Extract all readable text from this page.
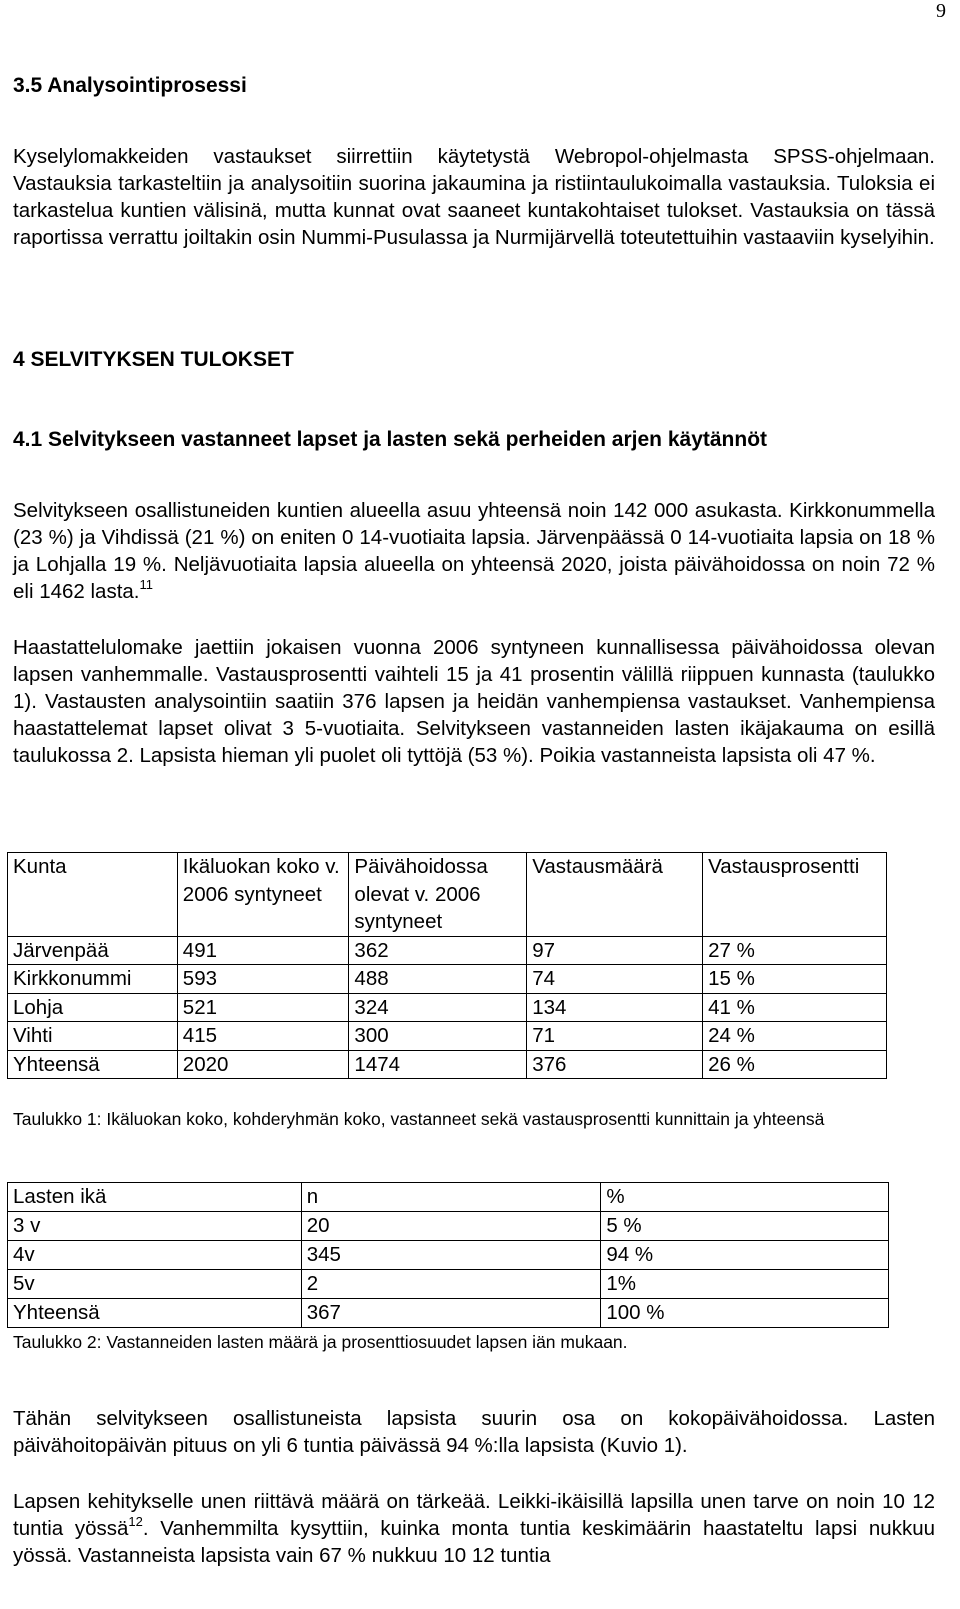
9
3.5 Analysointiprosessi
Kyselylomakkeiden vastaukset siirrettiin käytetystä Webropol-ohjelmasta SPSS-ohjelmaan. Vastauksia tarkasteltiin ja analysoitiin suorina jakaumina ja ristiintaulukoimalla vastauksia. Tuloksia ei tarkastelua kuntien välisinä, mutta kunnat ovat saaneet kuntakohtaiset tulokset. Vastauksia on tässä raportissa verrattu joiltakin osin Nummi-Pusulassa ja Nurmijärvellä toteutettuihin vastaaviin kyselyihin.
4 SELVITYKSEN TULOKSET
4.1 Selvitykseen vastanneet lapset ja lasten sekä perheiden arjen käytännöt
Selvitykseen osallistuneiden kuntien alueella asuu yhteensä noin 142 000 asukasta. Kirkkonummella (23 %) ja Vihdissä (21 %) on eniten 0 14-vuotiaita lapsia. Järvenpäässä 0 14-vuotiaita lapsia on 18 % ja Lohjalla 19 %. Neljävuotiaita lapsia alueella on yhteensä 2020, joista päivähoidossa on noin 72 % eli 1462 lasta.$^{11}$
Haastattelulomake jaettiin jokaisen vuonna 2006 syntyneen kunnallisessa päivähoidossa olevan lapsen vanhemmalle. Vastausprosentti vaihteli 15 ja 41 prosentin välillä riippuen kunnasta (taulukko 1). Vastausten analysointiin saatiin 376 lapsen ja heidän vanhempiensa vastaukset. Vanhempiensa haastattelemat lapset olivat 3 5-vuotiaita. Selvitykseen vastanneiden lasten ikäjakauma on esillä taulukossa 2. Lapsista hieman yli puolet oli tyttöjä (53 %). Poikia vastanneista lapsista oli 47 %.
Kunta	Ikäluokan koko v. 2006 syntyneet	Päivähoidossa olevat v. 2006 syntyneet	Vastausmäärä	Vastausprosentti
Järvenpää	491	362	97	27 %
Kirkkonummi	593	488	74	15 %
Lohja	521	324	134	41 %
Vihti	415	300	71	24 %
Yhteensä	2020	1474	376	26 %
Taulukko 1: Ikäluokan koko, kohderyhmän koko, vastanneet sekä vastausprosentti kunnittain ja yhteensä
Lasten ikä	n	%
3 v	20	5 %
4v	345	94 %
5v	2	1%
Yhteensä	367	100 %
Taulukko 2: Vastanneiden lasten määrä ja prosenttiosuudet lapsen iän mukaan.
Tähän selvitykseen osallistuneista lapsista suurin osa on kokopäivähoidossa. Lasten päivähoitopäivän pituus on yli 6 tuntia päivässä 94 %:lla lapsista (Kuvio 1).
Lapsen kehitykselle unen riittävä määrä on tärkeää. Leikki-ikäisillä lapsilla unen tarve on noin 10 12 tuntia yössä$^{12}$. Vanhemmilta kysyttiin, kuinka monta tuntia keskimäärin haastateltu lapsi nukkuu yössä. Vastanneista lapsista vain 67 % nukkuu 10 12 tuntia
